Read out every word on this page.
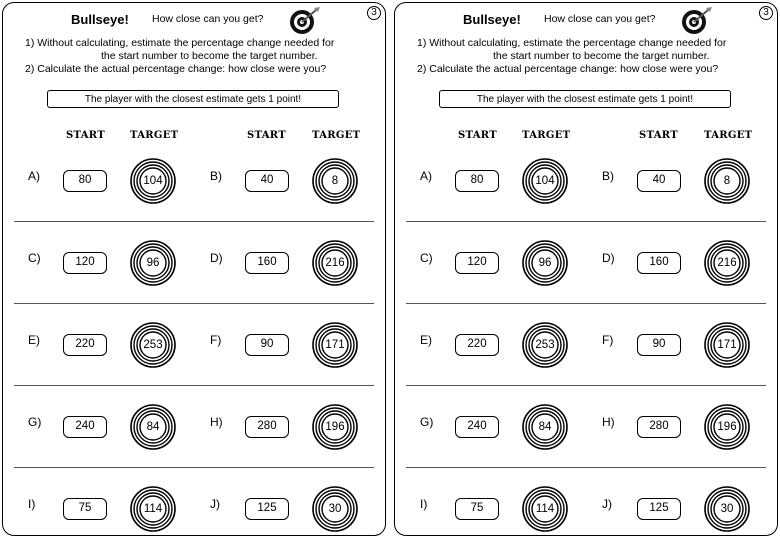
3
Bullseye! How close can you get?
1) Without calculating, estimate the percentage change needed for
the start number to become the target number.
2) Calculate the actual percentage change: how close were you?
The player with the closest estimate gets 1 point!
START	TARGET	START	TARGET
A)	80	104	B)	40	8
C)	120	96	D)	160	216
E)	220	253	F)	90	171
G)	240	84	H)	280	196
I)	75	114	J)	125	30
3
Bullseye! How close can you get?
1) Without calculating, estimate the percentage change needed for
the start number to become the target number.
2) Calculate the actual percentage change: how close were you?
The player with the closest estimate gets 1 point!
START	TARGET	START	TARGET
A)	80	104	B)	40	8
C)	120	96	D)	160	216
E)	220	253	F)	90	171
G)	240	84	H)	280	196
I)	75	114	J)	125	30
